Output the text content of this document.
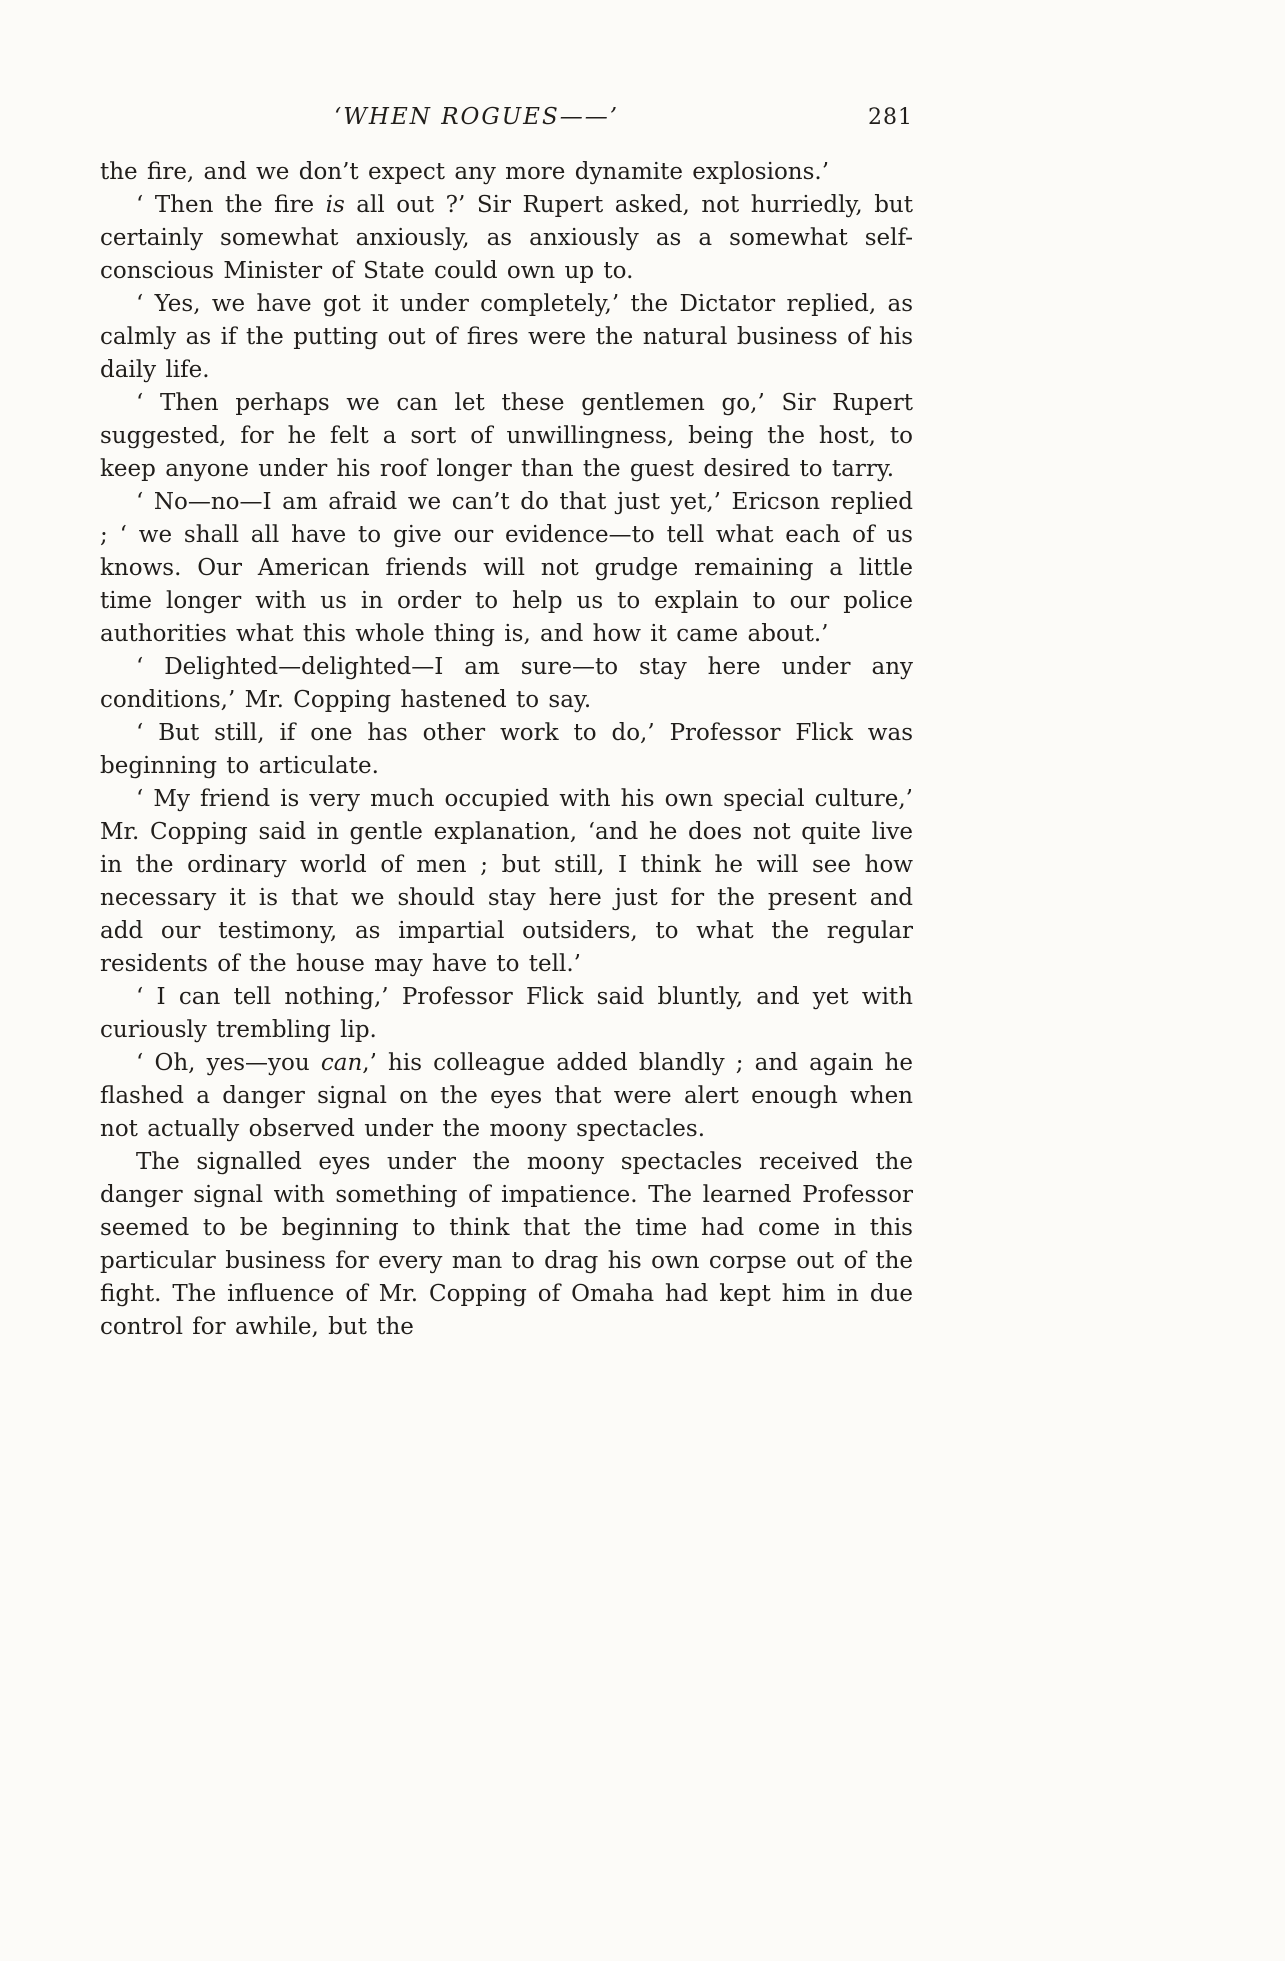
‘WHEN ROGUES——’	281

the fire, and we don’t expect any more dynamite explosions.’

‘ Then the fire is all out ?’ Sir Rupert asked, not hurriedly, but certainly somewhat anxiously, as anxiously as a somewhat self-conscious Minister of State could own up to.

‘ Yes, we have got it under completely,’ the Dictator replied, as calmly as if the putting out of fires were the natural business of his daily life.

‘ Then perhaps we can let these gentlemen go,’ Sir Rupert suggested, for he felt a sort of unwillingness, being the host, to keep anyone under his roof longer than the guest desired to tarry.

‘ No—no—I am afraid we can’t do that just yet,’ Ericson replied ; ‘ we shall all have to give our evidence—to tell what each of us knows. Our American friends will not grudge remaining a little time longer with us in order to help us to explain to our police authorities what this whole thing is, and how it came about.’

‘ Delighted—delighted—I am sure—to stay here under any conditions,’ Mr. Copping hastened to say.

‘ But still, if one has other work to do,’ Professor Flick was beginning to articulate.

‘ My friend is very much occupied with his own special culture,’ Mr. Copping said in gentle explanation, ‘and he does not quite live in the ordinary world of men ; but still, I think he will see how necessary it is that we should stay here just for the present and add our testimony, as impartial outsiders, to what the regular residents of the house may have to tell.’

‘ I can tell nothing,’ Professor Flick said bluntly, and yet with curiously trembling lip.

‘ Oh, yes—you can,’ his colleague added blandly ; and again he flashed a danger signal on the eyes that were alert enough when not actually observed under the moony spectacles.

The signalled eyes under the moony spectacles received the danger signal with something of impatience. The learned Professor seemed to be beginning to think that the time had come in this particular business for every man to drag his own corpse out of the fight. The influence of Mr. Copping of Omaha had kept him in due control for awhile, but the
